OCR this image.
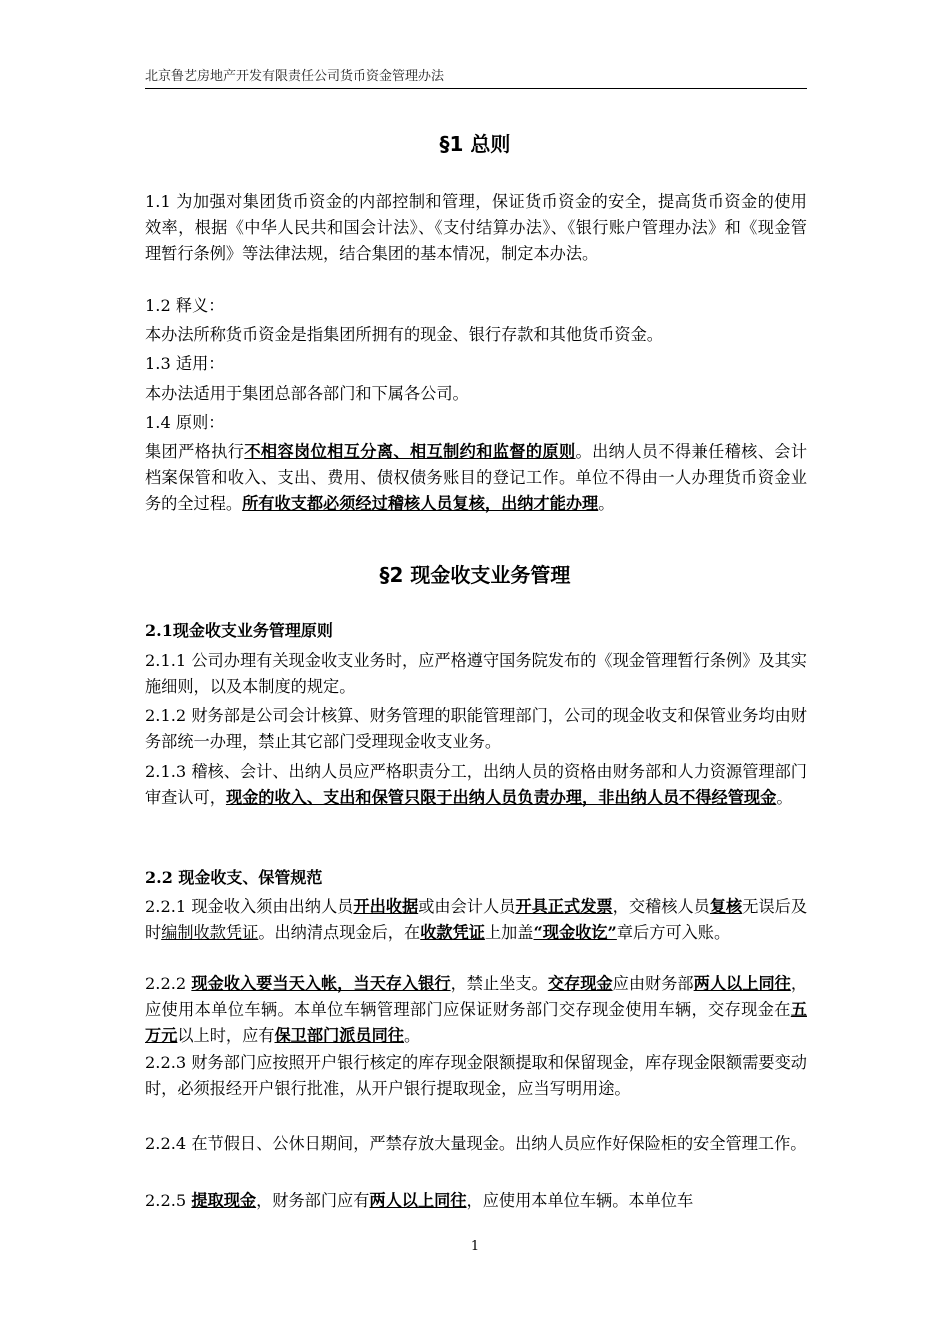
北京鲁艺房地产开发有限责任公司货币资金管理办法
§1 总则
1.1 为加强对集团货币资金的内部控制和管理，保证货币资金的安全，提高货币资金的使用效率，根据《中华人民共和国会计法》、《支付结算办法》、《银行账户管理办法》和《现金管理暂行条例》等法律法规，结合集团的基本情况，制定本办法。
1.2 释义：
本办法所称货币资金是指集团所拥有的现金、银行存款和其他货币资金。
1.3 适用：
本办法适用于集团总部各部门和下属各公司。
1.4 原则：
集团严格执行不相容岗位相互分离、相互制约和监督的原则。出纳人员不得兼任稽核、会计档案保管和收入、支出、费用、债权债务账目的登记工作。单位不得由一人办理货币资金业务的全过程。所有收支都必须经过稽核人员复核，出纳才能办理。
§2 现金收支业务管理
2.1现金收支业务管理原则
2.1.1 公司办理有关现金收支业务时，应严格遵守国务院发布的《现金管理暂行条例》及其实施细则，以及本制度的规定。
2.1.2 财务部是公司会计核算、财务管理的职能管理部门，公司的现金收支和保管业务均由财务部统一办理，禁止其它部门受理现金收支业务。
2.1.3 稽核、会计、出纳人员应严格职责分工，出纳人员的资格由财务部和人力资源管理部门审查认可，现金的收入、支出和保管只限于出纳人员负责办理，非出纳人员不得经管现金。
2.2 现金收支、保管规范
2.2.1 现金收入须由出纳人员开出收据或由会计人员开具正式发票，交稽核人员复核无误后及时编制收款凭证。出纳清点现金后，在收款凭证上加盖“现金收讫”章后方可入账。
2.2.2 现金收入要当天入帐，当天存入银行，禁止坐支。交存现金应由财务部两人以上同往，应使用本单位车辆。本单位车辆管理部门应保证财务部门交存现金使用车辆，交存现金在五万元以上时，应有保卫部门派员同往。
2.2.3 财务部门应按照开户银行核定的库存现金限额提取和保留现金，库存现金限额需要变动时，必须报经开户银行批准，从开户银行提取现金，应当写明用途。
2.2.4 在节假日、公休日期间，严禁存放大量现金。出纳人员应作好保险柜的安全管理工作。
2.2.5 提取现金，财务部门应有两人以上同往，应使用本单位车辆。本单位车
1
